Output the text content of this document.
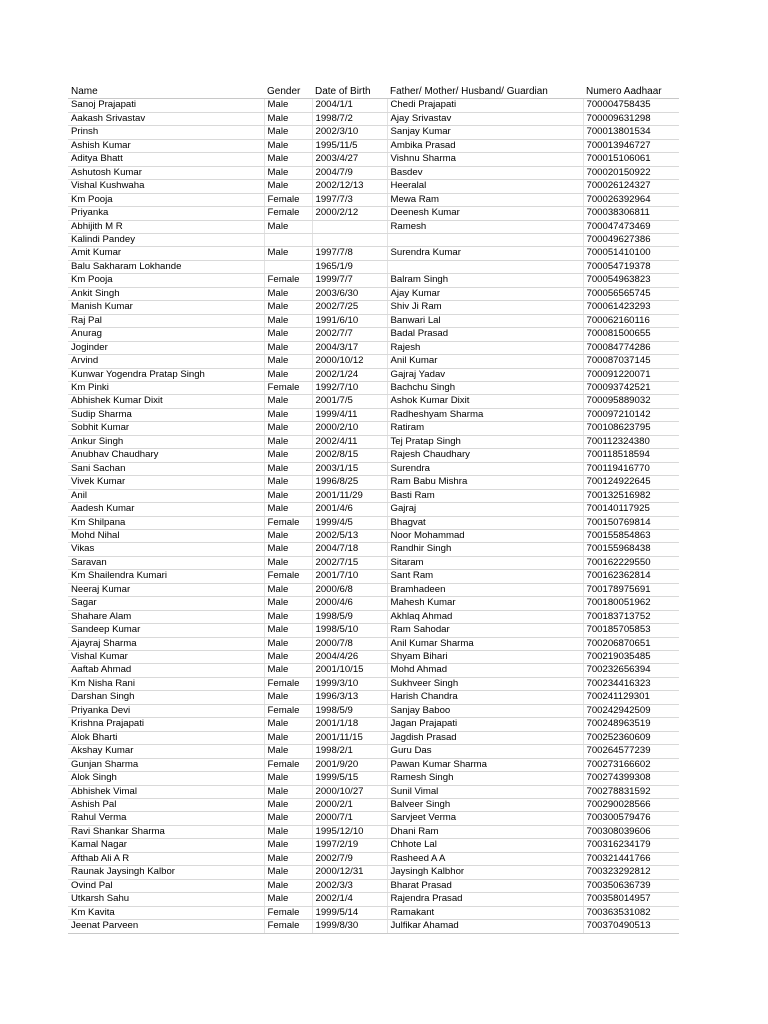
Name	Gender	Date of Birth	Father/ Mother/ Husband/ Guardian	Numero Aadhaar
Sanoj Prajapati	Male	2004/1/1	Chedi Prajapati	700004758435
Aakash Srivastav	Male	1998/7/2	Ajay Srivastav	700009631298
Prinsh	Male	2002/3/10	Sanjay Kumar	700013801534
Ashish Kumar	Male	1995/11/5	Ambika Prasad	700013946727
Aditya Bhatt	Male	2003/4/27	Vishnu Sharma	700015106061
Ashutosh Kumar	Male	2004/7/9	Basdev	700020150922
Vishal Kushwaha	Male	2002/12/13	Heeralal	700026124327
Km Pooja	Female	1997/7/3	Mewa Ram	700026392964
Priyanka	Female	2000/2/12	Deenesh Kumar	700038306811
Abhijith M R	Male		Ramesh	700047473469
Kalindi Pandey				700049627386
Amit Kumar	Male	1997/7/8	Surendra Kumar	700051410100
Balu Sakharam Lokhande		1965/1/9		700054719378
Km Pooja	Female	1999/7/7	Balram Singh	700054963823
Ankit Singh	Male	2003/6/30	Ajay Kumar	700056565745
Manish Kumar	Male	2002/7/25	Shiv Ji Ram	700061423293
Raj Pal	Male	1991/6/10	Banwari Lal	700062160116
Anurag	Male	2002/7/7	Badal Prasad	700081500655
Joginder	Male	2004/3/17	Rajesh	700084774286
Arvind	Male	2000/10/12	Anil Kumar	700087037145
Kunwar Yogendra Pratap Singh	Male	2002/1/24	Gajraj Yadav	700091220071
Km Pinki	Female	1992/7/10	Bachchu Singh	700093742521
Abhishek Kumar Dixit	Male	2001/7/5	Ashok Kumar Dixit	700095889032
Sudip Sharma	Male	1999/4/11	Radheshyam Sharma	700097210142
Sobhit Kumar	Male	2000/2/10	Ratiram	700108623795
Ankur Singh	Male	2002/4/11	Tej Pratap Singh	700112324380
Anubhav Chaudhary	Male	2002/8/15	Rajesh Chaudhary	700118518594
Sani Sachan	Male	2003/1/15	Surendra	700119416770
Vivek Kumar	Male	1996/8/25	Ram Babu Mishra	700124922645
Anil	Male	2001/11/29	Basti Ram	700132516982
Aadesh Kumar	Male	2001/4/6	Gajraj	700140117925
Km Shilpana	Female	1999/4/5	Bhagvat	700150769814
Mohd Nihal	Male	2002/5/13	Noor Mohammad	700155854863
Vikas	Male	2004/7/18	Randhir Singh	700155968438
Saravan	Male	2002/7/15	Sitaram	700162229550
Km Shailendra Kumari	Female	2001/7/10	Sant Ram	700162362814
Neeraj Kumar	Male	2000/6/8	Bramhadeen	700178975691
Sagar	Male	2000/4/6	Mahesh Kumar	700180051962
Shahare Alam	Male	1998/5/9	Akhlaq Ahmad	700183713752
Sandeep Kumar	Male	1998/5/10	Ram Sahodar	700185705853
Ajayraj Sharma	Male	2000/7/8	Anil Kumar Sharma	700206870651
Vishal Kumar	Male	2004/4/26	Shyam Bihari	700219035485
Aaftab Ahmad	Male	2001/10/15	Mohd Ahmad	700232656394
Km Nisha Rani	Female	1999/3/10	Sukhveer Singh	700234416323
Darshan Singh	Male	1996/3/13	Harish Chandra	700241129301
Priyanka Devi	Female	1998/5/9	Sanjay Baboo	700242942509
Krishna Prajapati	Male	2001/1/18	Jagan Prajapati	700248963519
Alok Bharti	Male	2001/11/15	Jagdish Prasad	700252360609
Akshay Kumar	Male	1998/2/1	Guru Das	700264577239
Gunjan Sharma	Female	2001/9/20	Pawan Kumar Sharma	700273166602
Alok Singh	Male	1999/5/15	Ramesh Singh	700274399308
Abhishek Vimal	Male	2000/10/27	Sunil Vimal	700278831592
Ashish Pal	Male	2000/2/1	Balveer Singh	700290028566
Rahul Verma	Male	2000/7/1	Sarvjeet Verma	700300579476
Ravi Shankar Sharma	Male	1995/12/10	Dhani Ram	700308039606
Kamal Nagar	Male	1997/2/19	Chhote Lal	700316234179
Afthab Ali A R	Male	2002/7/9	Rasheed A A	700321441766
Raunak Jaysingh Kalbor	Male	2000/12/31	Jaysingh Kalbhor	700323292812
Ovind Pal	Male	2002/3/3	Bharat Prasad	700350636739
Utkarsh Sahu	Male	2002/1/4	Rajendra Prasad	700358014957
Km Kavita	Female	1999/5/14	Ramakant	700363531082
Jeenat Parveen	Female	1999/8/30	Julfikar Ahamad	700370490513
